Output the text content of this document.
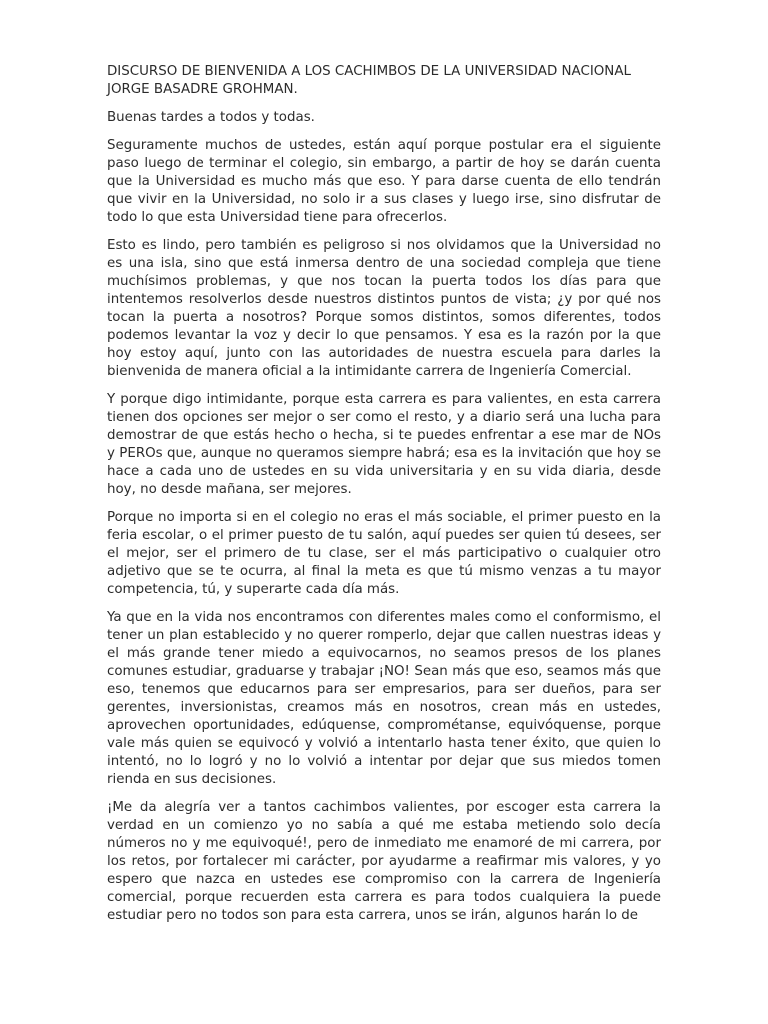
DISCURSO DE BIENVENIDA A LOS CACHIMBOS DE LA UNIVERSIDAD NACIONAL JORGE BASADRE GROHMAN.

Buenas tardes a todos y todas.

Seguramente muchos de ustedes, están aquí porque postular era el siguiente paso luego de terminar el colegio, sin embargo, a partir de hoy se darán cuenta que la Universidad es mucho más que eso. Y para darse cuenta de ello tendrán que vivir en la Universidad, no solo ir a sus clases y luego irse, sino disfrutar de todo lo que esta Universidad tiene para ofrecerlos.

Esto es lindo, pero también es peligroso si nos olvidamos que la Universidad no es una isla, sino que está inmersa dentro de una sociedad compleja que tiene muchísimos problemas, y que nos tocan la puerta todos los días para que intentemos resolverlos desde nuestros distintos puntos de vista; ¿y por qué nos tocan la puerta a nosotros? Porque somos distintos, somos diferentes, todos podemos levantar la voz y decir lo que pensamos. Y esa es la razón por la que hoy estoy aquí, junto con las autoridades de nuestra escuela para darles la bienvenida de manera oficial a la intimidante carrera de Ingeniería Comercial.

Y porque digo intimidante, porque esta carrera es para valientes, en esta carrera tienen dos opciones ser mejor o ser como el resto, y a diario será una lucha para demostrar de que estás hecho o hecha, si te puedes enfrentar a ese mar de NOs y PEROs que, aunque no queramos siempre habrá; esa es la invitación que hoy se hace a cada uno de ustedes en su vida universitaria y en su vida diaria, desde hoy, no desde mañana, ser mejores.

Porque no importa si en el colegio no eras el más sociable, el primer puesto en la feria escolar, o el primer puesto de tu salón, aquí puedes ser quien tú desees, ser el mejor, ser el primero de tu clase, ser el más participativo o cualquier otro adjetivo que se te ocurra, al final la meta es que tú mismo venzas a tu mayor competencia, tú, y superarte cada día más.

Ya que en la vida nos encontramos con diferentes males como el conformismo, el tener un plan establecido y no querer romperlo, dejar que callen nuestras ideas y el más grande tener miedo a equivocarnos, no seamos presos de los planes comunes estudiar, graduarse y trabajar ¡NO! Sean más que eso, seamos más que eso, tenemos que educarnos para ser empresarios, para ser dueños, para ser gerentes, inversionistas, creamos más en nosotros, crean más en ustedes, aprovechen oportunidades, edúquense, comprométanse, equivóquense, porque vale más quien se equivocó y volvió a intentarlo hasta tener éxito, que quien lo intentó, no lo logró y no lo volvió a intentar por dejar que sus miedos tomen rienda en sus decisiones.

¡Me da alegría ver a tantos cachimbos valientes, por escoger esta carrera la verdad en un comienzo yo no sabía a qué me estaba metiendo solo decía números no y me equivoqué!, pero de inmediato me enamoré de mi carrera, por los retos, por fortalecer mi carácter, por ayudarme a reafirmar mis valores, y yo espero que nazca en ustedes ese compromiso con la carrera de Ingeniería comercial, porque recuerden esta carrera es para todos cualquiera la puede estudiar pero no todos son para esta carrera, unos se irán, algunos harán lo de
